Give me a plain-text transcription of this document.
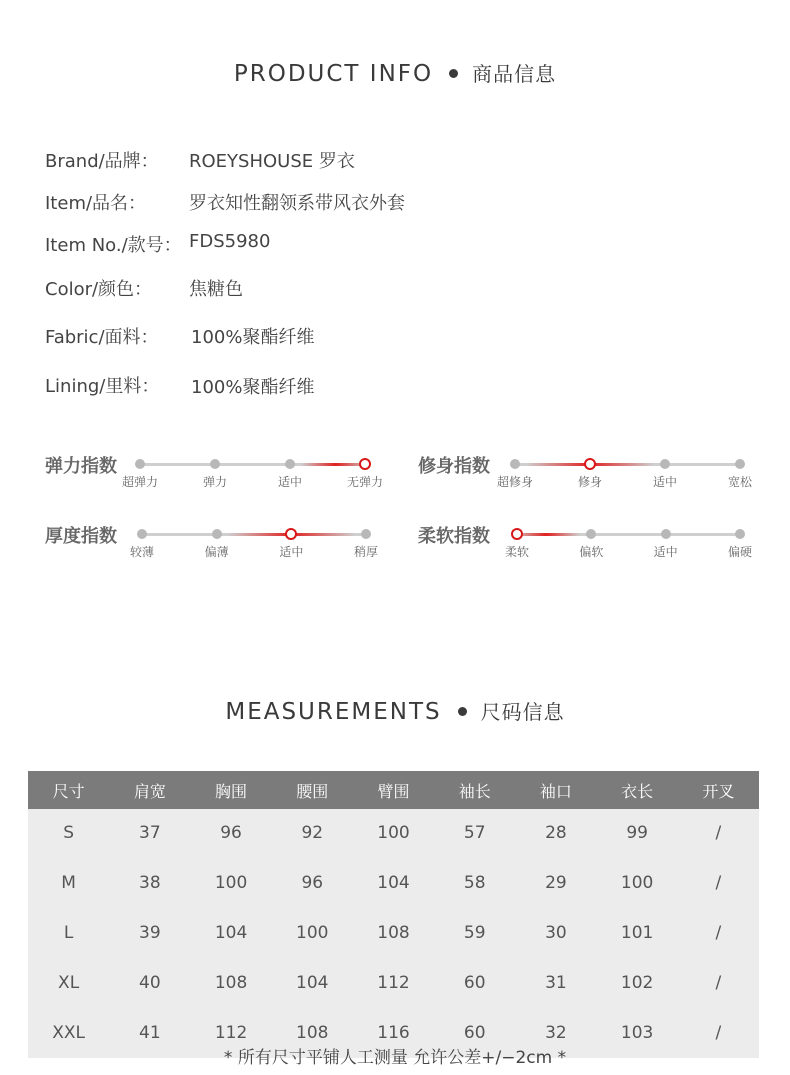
PRODUCT INFO 商品信息
Brand/品牌： ROEYSHOUSE 罗衣
Item/品名： 罗衣知性翻领系带风衣外套
Item No./款号： FDS5980
Color/颜色： 焦糖色
Fabric/面料： 100%聚酯纤维
Lining/里料： 100%聚酯纤维
弹力指数
超弹力	弹力	适中	无弹力
修身指数
超修身	修身	适中	宽松
厚度指数
较薄	偏薄	适中	稍厚
柔软指数
柔软	偏软	适中	偏硬
MEASUREMENTS 尺码信息
尺寸	肩宽	胸围	腰围	臂围	袖长	袖口	衣长	开叉
S	37	96	92	100	57	28	99	/
M	38	100	96	104	58	29	100	/
L	39	104	100	108	59	30	101	/
XL	40	108	104	112	60	31	102	/
XXL	41	112	108	116	60	32	103	/
* 所有尺寸平铺人工测量 允许公差+/−2cm *
